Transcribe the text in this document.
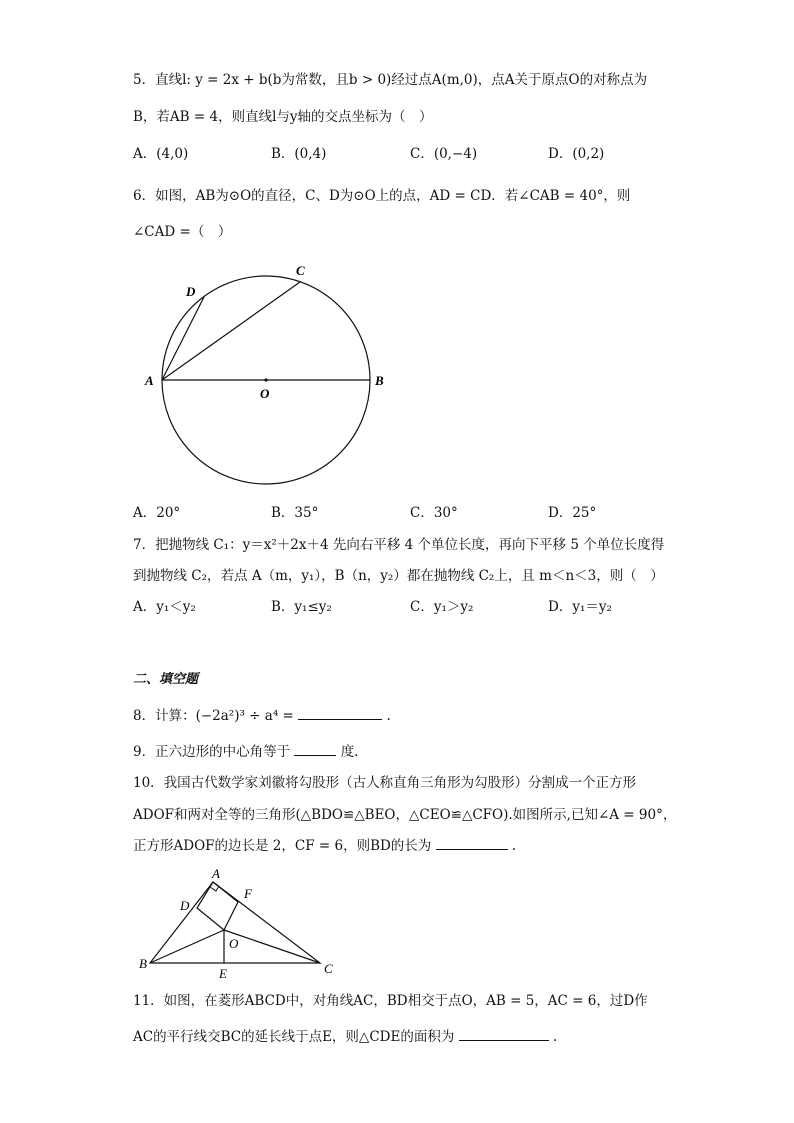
5．直线l: y = 2x + b(b为常数，且b > 0)经过点A(m,0)，点A关于原点O的对称点为
B，若AB = 4，则直线l与y轴的交点坐标为（　）
A．(4,0)	B．(0,4)	C．(0,−4)	D．(0,2)
6．如图，AB为⊙O的直径，C、D为⊙O上的点，AD = CD．若∠CAB = 40°，则
∠CAD =（　）
A	B
C
D
O
A．20°	B．35°	C．30°	D．25°
7．把抛物线 C₁：y＝x²＋2x＋4 先向右平移 4 个单位长度，再向下平移 5 个单位长度得
到抛物线 C₂，若点 A（m，y₁），B（n，y₂）都在抛物线 C₂上，且 m＜n＜3，则（　）
A．y₁＜y₂	B．y₁≤y₂	C．y₁＞y₂	D．y₁＝y₂
二、填空题
8．计算：(−2a²)³ ÷ a⁴ =	.
9．正六边形的中心角等于	度.
10．我国古代数学家刘徽将勾股形（古人称直角三角形为勾股形）分割成一个正方形
ADOF和两对全等的三角形(△BDO≌△BEO，△CEO≌△CFO).如图所示,已知∠A = 90°，
正方形ADOF的边长是 2，CF = 6，则BD的长为	.
A
B	C
D
E
F
O
11．如图，在菱形ABCD中，对角线AC，BD相交于点O，AB = 5，AC = 6，过D作
AC的平行线交BC的延长线于点E，则△CDE的面积为	.
